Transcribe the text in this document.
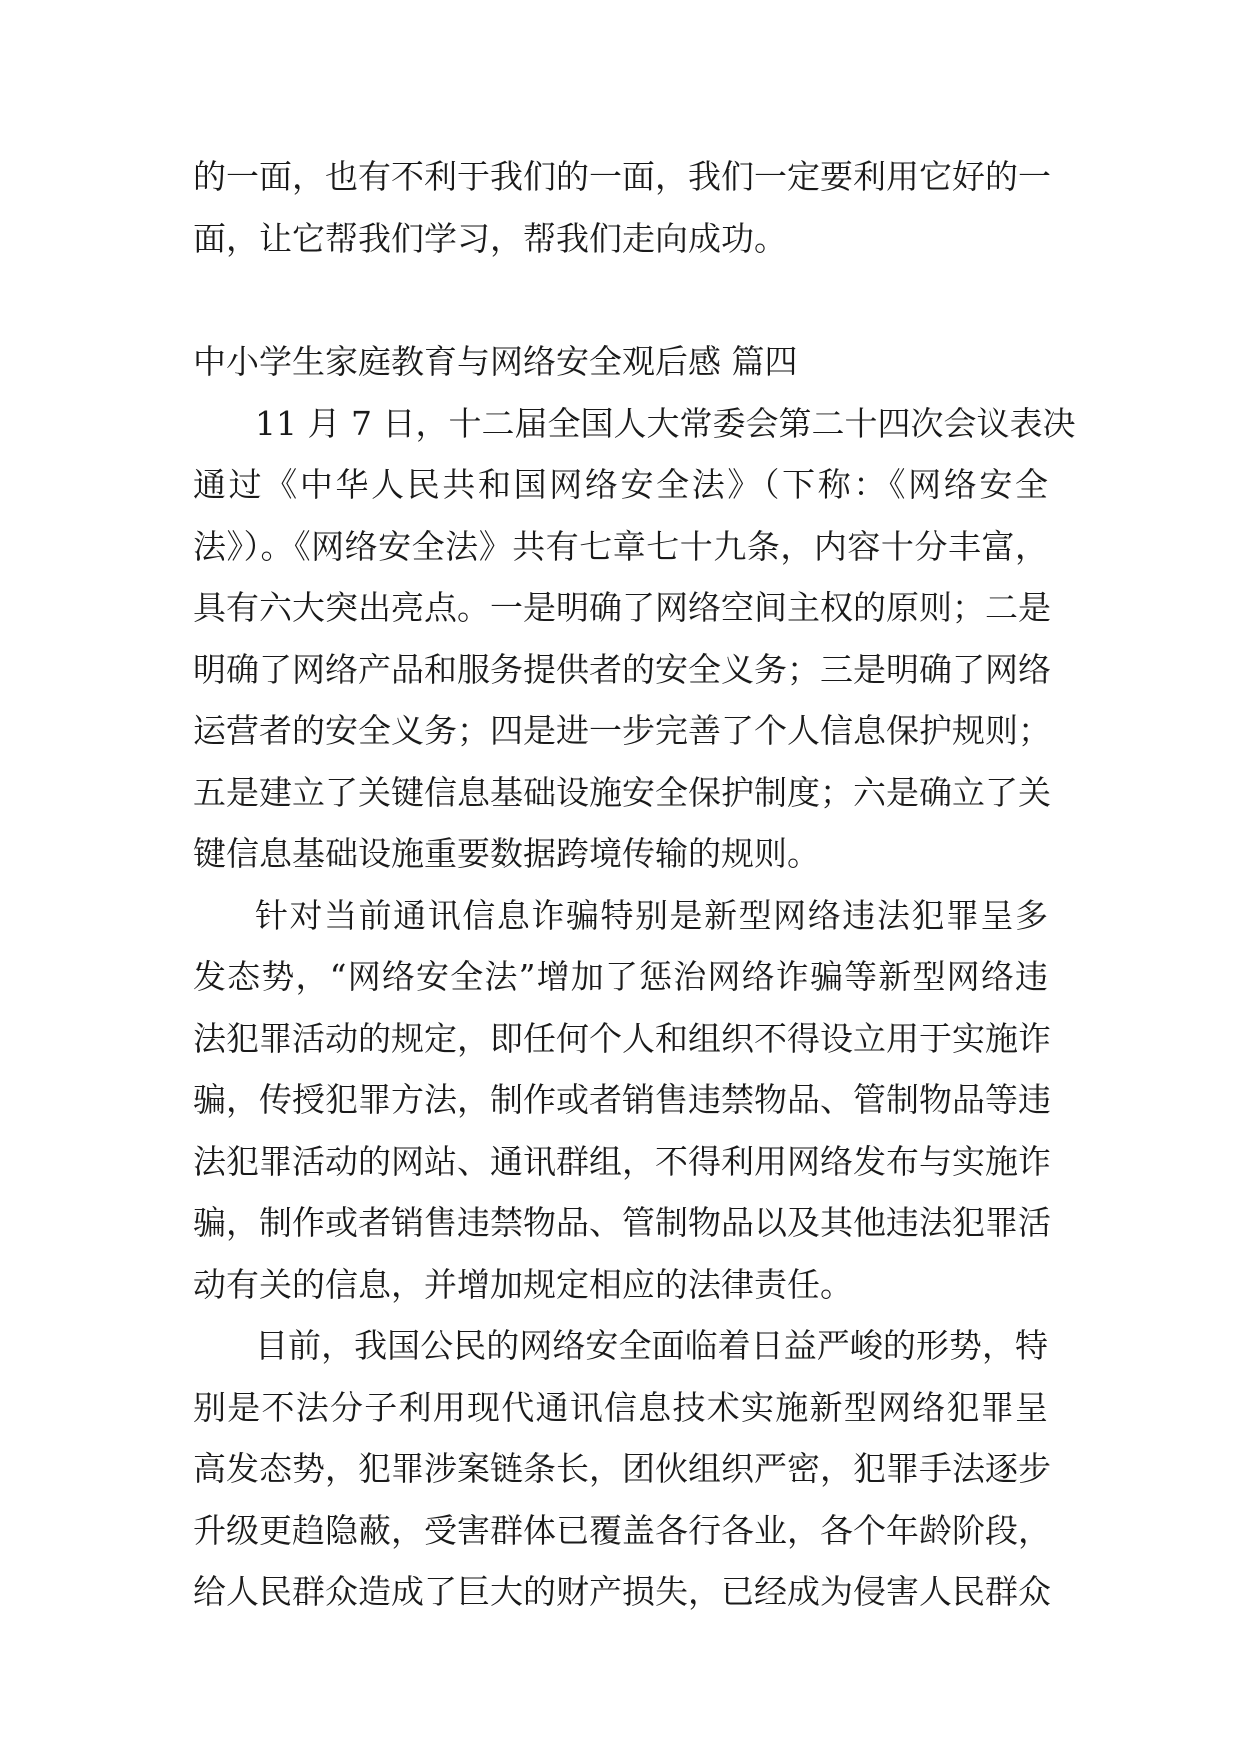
的一面，也有不利于我们的一面，我们一定要利用它好的一
面，让它帮我们学习，帮我们走向成功。
中小学生家庭教育与网络安全观后感 篇四
11 月 7 日，十二届全国人大常委会第二十四次会议表决
通过《中华人民共和国网络安全法》（下称：《网络安全
法》）。《网络安全法》共有七章七十九条，内容十分丰富，
具有六大突出亮点。一是明确了网络空间主权的原则；二是
明确了网络产品和服务提供者的安全义务；三是明确了网络
运营者的安全义务；四是进一步完善了个人信息保护规则；
五是建立了关键信息基础设施安全保护制度；六是确立了关
键信息基础设施重要数据跨境传输的规则。
针对当前通讯信息诈骗特别是新型网络违法犯罪呈多
发态势，“网络安全法”增加了惩治网络诈骗等新型网络违
法犯罪活动的规定，即任何个人和组织不得设立用于实施诈
骗，传授犯罪方法，制作或者销售违禁物品、管制物品等违
法犯罪活动的网站、通讯群组，不得利用网络发布与实施诈
骗，制作或者销售违禁物品、管制物品以及其他违法犯罪活
动有关的信息，并增加规定相应的法律责任。
目前，我国公民的网络安全面临着日益严峻的形势，特
别是不法分子利用现代通讯信息技术实施新型网络犯罪呈
高发态势，犯罪涉案链条长，团伙组织严密，犯罪手法逐步
升级更趋隐蔽，受害群体已覆盖各行各业，各个年龄阶段，
给人民群众造成了巨大的财产损失，已经成为侵害人民群众
